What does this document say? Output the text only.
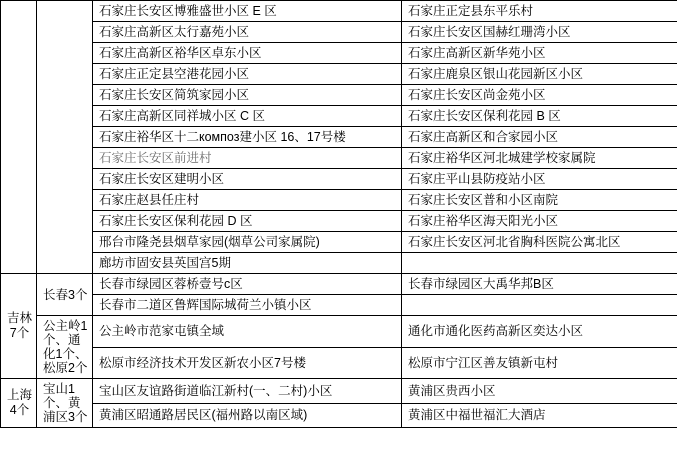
		石家庄长安区博雅盛世小区 E 区	石家庄正定县东平乐村
		石家庄高新区太行嘉苑小区	石家庄长安区国赫红珊湾小区
		石家庄高新区裕华区卓东小区	石家庄高新区新华苑小区
		石家庄正定县空港花园小区	石家庄鹿泉区银山花园新区小区
		石家庄长安区简筑家园小区	石家庄长安区尚金苑小区
		石家庄高新区同祥城小区 C 区	石家庄长安区保利花园 B 区
		石家庄裕华区十二композ建小区 16、17号楼	石家庄高新区和合家园小区
		石家庄长安区前进村	石家庄裕华区河北城建学校家属院
		石家庄长安区建明小区	石家庄平山县防疫站小区
		石家庄赵县任庄村	石家庄长安区普和小区南院
		石家庄长安区保利花园 D 区	石家庄裕华区海天阳光小区
		邢台市隆尧县烟草家园(烟草公司家属院)	石家庄长安区河北省胸科医院公寓北区
		廊坊市固安县英国宫5期	

吉林 7个	长春3个	长春市绿园区蓉桥壹号c区	长春市绿园区大禹华邦B区
		长春市二道区鲁辉国际城荷兰小镇小区	
	公主岭1个、通化1个、松原2个	公主岭市范家屯镇全域	通化市通化医药高新区奕达小区
		松原市经济技术开发区新农小区7号楼	松原市宁江区善友镇新屯村

上海 4个	宝山1个、黄浦区3个	宝山区友谊路街道临江新村(一、二村)小区	黄浦区贵西小区
		黄浦区昭通路居民区(福州路以南区域)	黄浦区中福世福汇大酒店
